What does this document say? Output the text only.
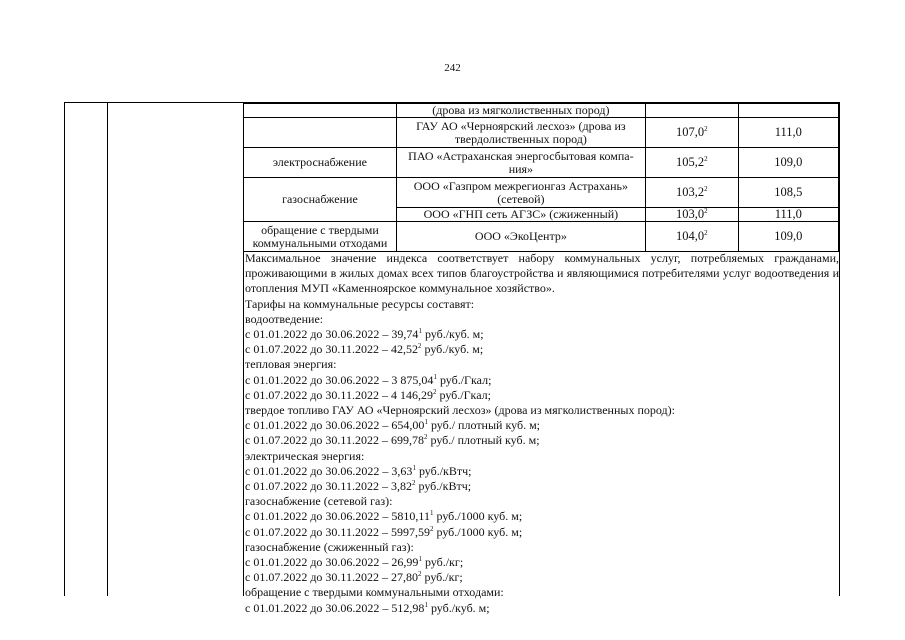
242
	(дрова из мягколиственных пород)		
	ГАУ АО «Черноярский лесхоз» (дрова из твердолиственных пород)	107,0$^2$	111,0
электроснабжение	ПАО «Астраханская энергосбытовая компа-ния»	105,2$^2$	109,0
газоснабжение	ООО «Газпром межрегионгаз Астрахань» (сетевой)	103,2$^2$	108,5
	ООО «ГНП сеть АГЗС» (сжиженный)	103,0$^2$	111,0
обращение с твердыми коммунальными отходами	ООО «ЭкоЦентр»	104,0$^2$	109,0

Максимальное значение индекса соответствует набору коммунальных услуг, потребляемых гражданами, проживающими в жилых домах всех типов благоустройства и являющимися потребителями услуг водоотведения и отопления МУП «Каменноярское коммунальное хозяйство».

Тарифы на коммунальные ресурсы составят:

водоотведение:

с 01.01.2022 до 30.06.2022 – 39,74$^1$ руб./куб. м;

с 01.07.2022 до 30.11.2022 – 42,52$^2$ руб./куб. м;

тепловая энергия:

с 01.01.2022 до 30.06.2022 – 3 875,04$^1$ руб./Гкал;

с 01.07.2022 до 30.11.2022 – 4 146,29$^2$ руб./Гкал;

твердое топливо ГАУ АО «Черноярский лесхоз» (дрова из мягколиственных пород):

с 01.01.2022 до 30.06.2022 – 654,00$^1$ руб./ плотный куб. м;

с 01.07.2022 до 30.11.2022 – 699,78$^2$ руб./ плотный куб. м;

электрическая энергия:

с 01.01.2022 до 30.06.2022 – 3,63$^1$ руб./кВтч;

с 01.07.2022 до 30.11.2022 – 3,82$^2$ руб./кВтч;

газоснабжение (сетевой газ):

с 01.01.2022 до 30.06.2022 – 5810,11$^1$ руб./1000 куб. м;

с 01.07.2022 до 30.11.2022 – 5997,59$^2$ руб./1000 куб. м;

газоснабжение (сжиженный газ):

с 01.01.2022 до 30.06.2022 – 26,99$^1$ руб./кг;

с 01.07.2022 до 30.11.2022 – 27,80$^2$ руб./кг;

обращение с твердыми коммунальными отходами:

с 01.01.2022 до 30.06.2022 – 512,98$^1$ руб./куб. м;
